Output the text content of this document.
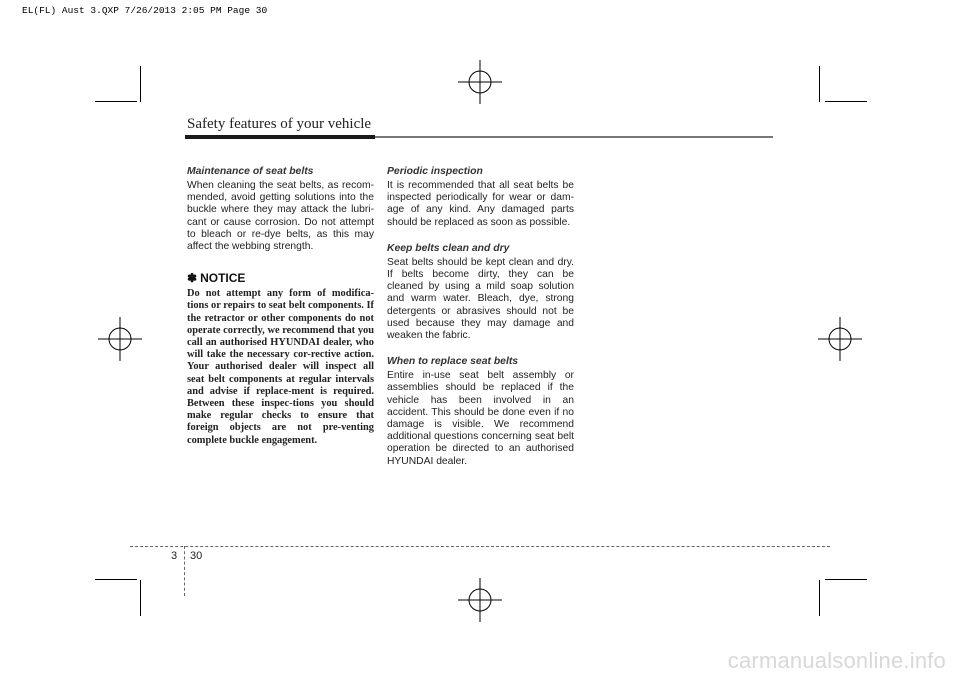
EL(FL) Aust 3.QXP 7/26/2013 2:05 PM Page 30
Safety features of your vehicle

Maintenance of seat belts

When cleaning the seat belts, as recom-mended, avoid getting solutions into the buckle where they may attack the lubri-cant or cause corrosion. Do not attempt to bleach or re-dye belts, as this may affect the webbing strength.

✽ NOTICE

Do not attempt any form of modifica-tions or repairs to seat belt components. If the retractor or other components do not operate correctly, we recommend that you call an authorised HYUNDAI dealer, who will take the necessary cor-rective action. Your authorised dealer will inspect all seat belt components at regular intervals and advise if replace-ment is required. Between these inspec-tions you should make regular checks to ensure that foreign objects are not pre-venting complete buckle engagement.

Periodic inspection

It is recommended that all seat belts be inspected periodically for wear or dam-age of any kind. Any damaged parts should be replaced as soon as possible.

Keep belts clean and dry

Seat belts should be kept clean and dry. If belts become dirty, they can be cleaned by using a mild soap solution and warm water. Bleach, dye, strong detergents or abrasives should not be used because they may damage and weaken the fabric.

When to replace seat belts

Entire in-use seat belt assembly or assemblies should be replaced if the vehicle has been involved in an accident. This should be done even if no damage is visible. We recommend additional questions concerning seat belt operation be directed to an authorised HYUNDAI dealer.

3 30
carmanualsonline.info
